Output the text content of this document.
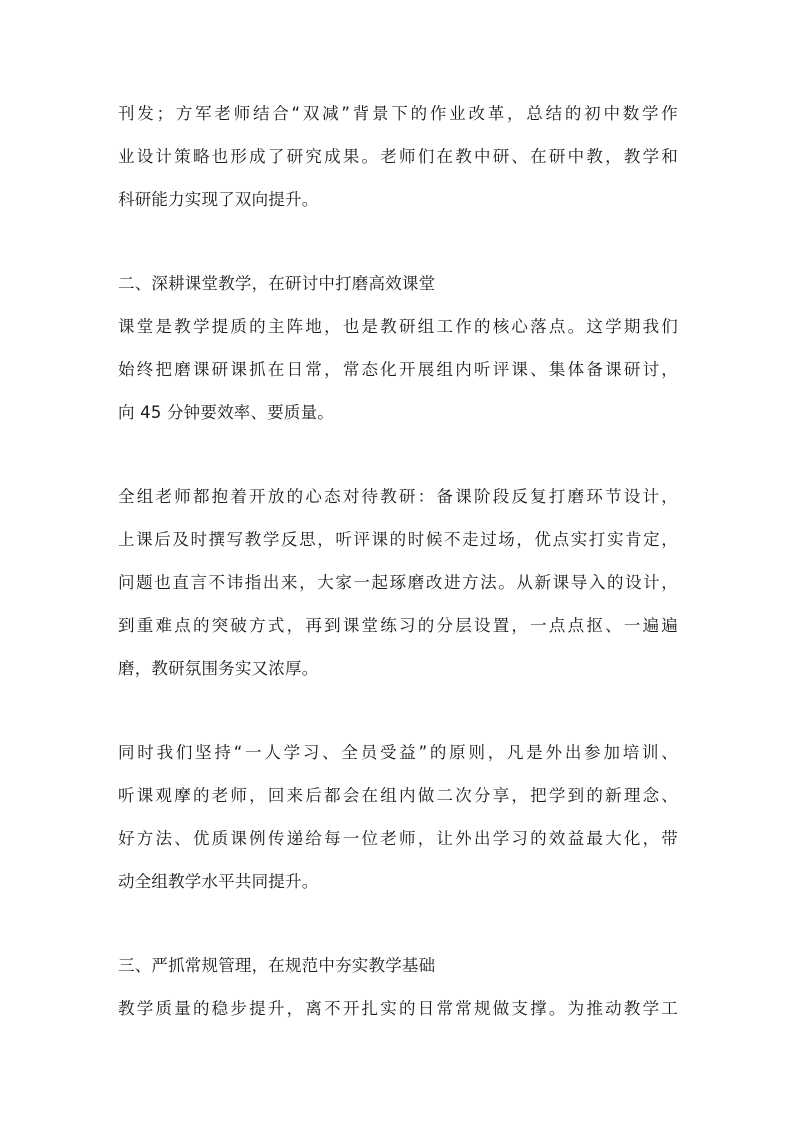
刊发；方军老师结合“双减”背景下的作业改革，总结的初中数学作
业设计策略也形成了研究成果。老师们在教中研、在研中教，教学和
科研能力实现了双向提升。
二、深耕课堂教学，在研讨中打磨高效课堂
课堂是教学提质的主阵地，也是教研组工作的核心落点。这学期我们
始终把磨课研课抓在日常，常态化开展组内听评课、集体备课研讨，
向 45 分钟要效率、要质量。
全组老师都抱着开放的心态对待教研：备课阶段反复打磨环节设计，
上课后及时撰写教学反思，听评课的时候不走过场，优点实打实肯定，
问题也直言不讳指出来，大家一起琢磨改进方法。从新课导入的设计，
到重难点的突破方式，再到课堂练习的分层设置，一点点抠、一遍遍
磨，教研氛围务实又浓厚。
同时我们坚持“一人学习、全员受益”的原则，凡是外出参加培训、
听课观摩的老师，回来后都会在组内做二次分享，把学到的新理念、
好方法、优质课例传递给每一位老师，让外出学习的效益最大化，带
动全组教学水平共同提升。
三、严抓常规管理，在规范中夯实教学基础
教学质量的稳步提升，离不开扎实的日常常规做支撑。为推动教学工
